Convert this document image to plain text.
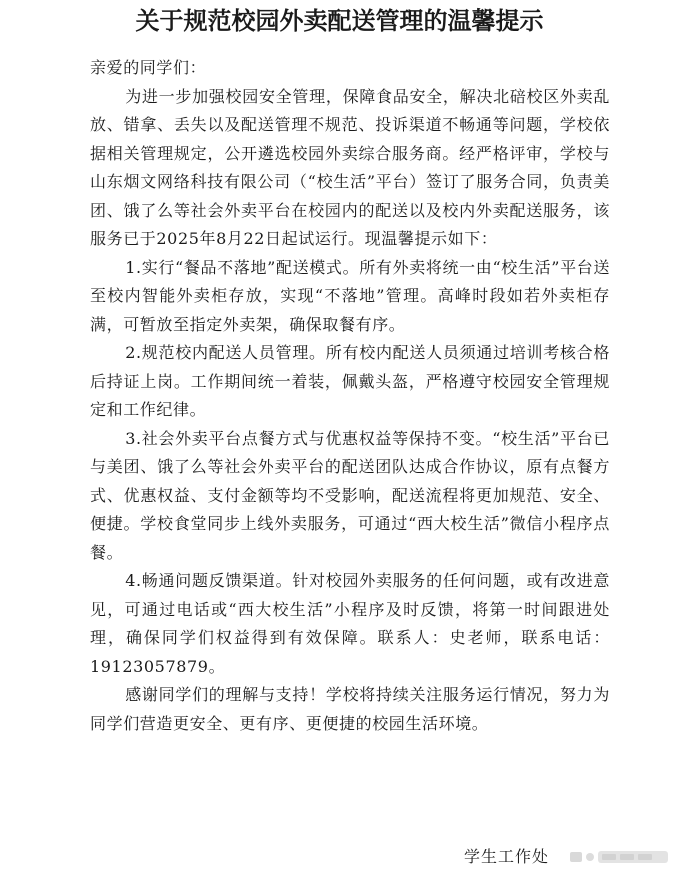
关于规范校园外卖配送管理的温馨提示

亲爱的同学们：

为进一步加强校园安全管理，保障食品安全，解决北碚校区外卖乱放、错拿、丢失以及配送管理不规范、投诉渠道不畅通等问题，学校依据相关管理规定，公开遴选校园外卖综合服务商。经严格评审，学校与山东烟文网络科技有限公司（“校生活”平台）签订了服务合同，负责美团、饿了么等社会外卖平台在校园内的配送以及校内外卖配送服务，该服务已于2025年8月22日起试运行。现温馨提示如下：

1.实行“餐品不落地”配送模式。所有外卖将统一由“校生活”平台送至校内智能外卖柜存放，实现“不落地”管理。高峰时段如若外卖柜存满，可暂放至指定外卖架，确保取餐有序。

2.规范校内配送人员管理。所有校内配送人员须通过培训考核合格后持证上岗。工作期间统一着装，佩戴头盔，严格遵守校园安全管理规定和工作纪律。

3.社会外卖平台点餐方式与优惠权益等保持不变。“校生活”平台已与美团、饿了么等社会外卖平台的配送团队达成合作协议，原有点餐方式、优惠权益、支付金额等均不受影响，配送流程将更加规范、安全、便捷。学校食堂同步上线外卖服务，可通过“西大校生活”微信小程序点餐。

4.畅通问题反馈渠道。针对校园外卖服务的任何问题，或有改进意见，可通过电话或“西大校生活”小程序及时反馈，将第一时间跟进处理，确保同学们权益得到有效保障。联系人：史老师，联系电话：19123057879。

感谢同学们的理解与支持！学校将持续关注服务运行情况，努力为同学们营造更安全、更有序、更便捷的校园生活环境。

学生工作处
